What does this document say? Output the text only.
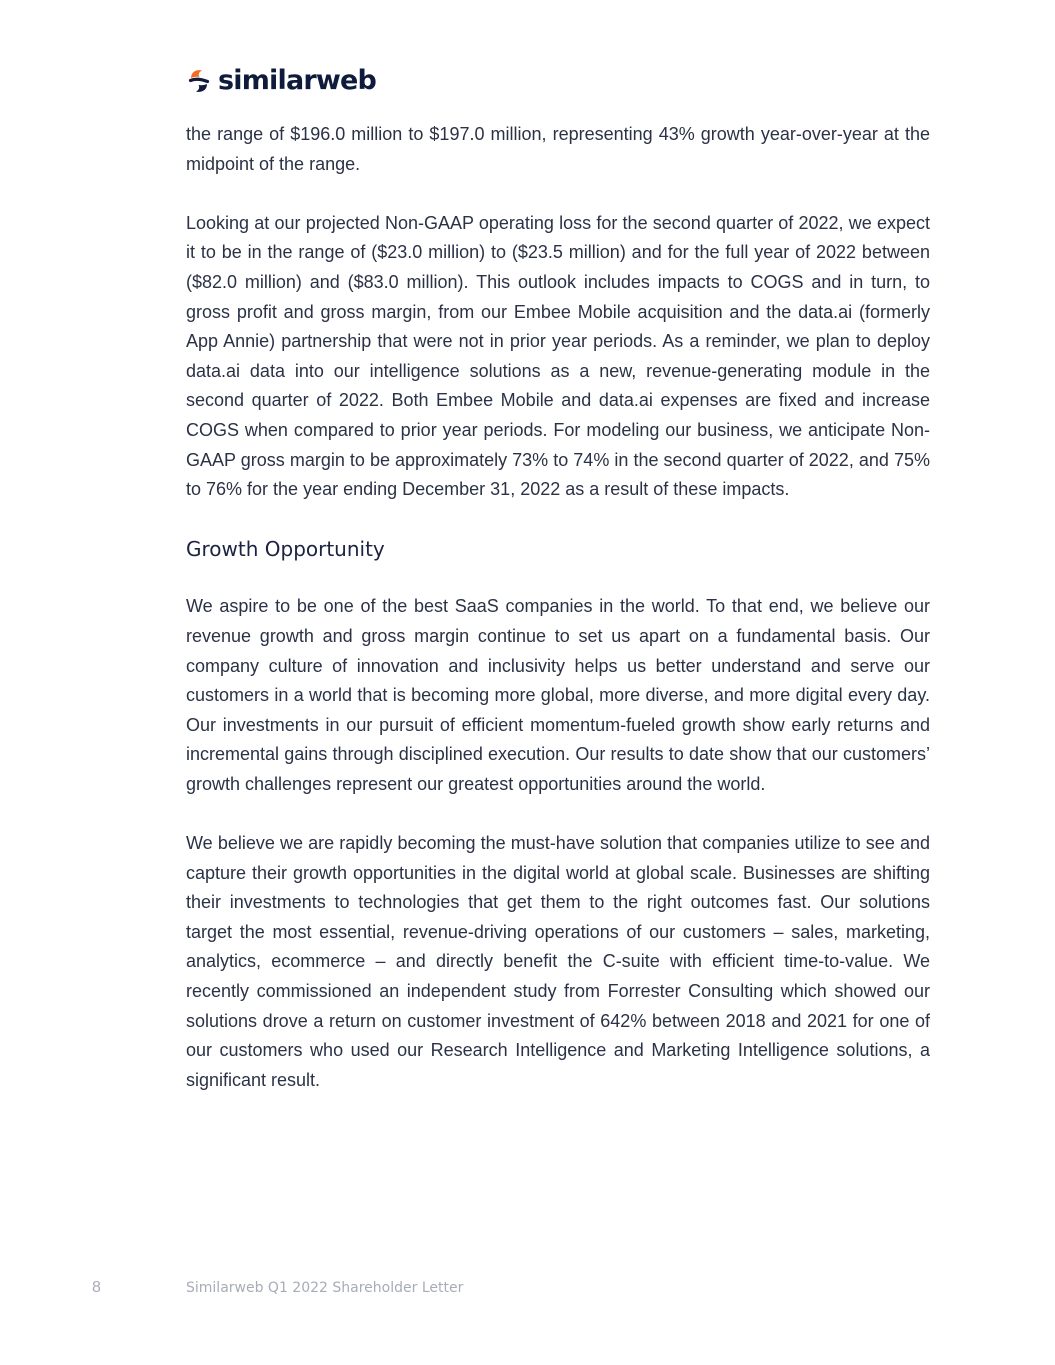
similarweb

the range of $196.0 million to $197.0 million, representing 43% growth year-over-year at the midpoint of the range.

Looking at our projected Non-GAAP operating loss for the second quarter of 2022, we expect it to be in the range of ($23.0 million) to ($23.5 million) and for the full year of 2022 between ($82.0 million) and ($83.0 million). This outlook includes impacts to COGS and in turn, to gross profit and gross margin, from our Embee Mobile acquisition and the data.ai (formerly App Annie) partnership that were not in prior year periods. As a reminder, we plan to deploy data.ai data into our intelligence solutions as a new, revenue-generating module in the second quarter of 2022. Both Embee Mobile and data.ai expenses are fixed and increase COGS when compared to prior year periods. For modeling our business, we anticipate Non-GAAP gross margin to be approximately 73% to 74% in the second quarter of 2022, and 75% to 76% for the year ending December 31, 2022 as a result of these impacts.

Growth Opportunity

We aspire to be one of the best SaaS companies in the world. To that end, we believe our revenue growth and gross margin continue to set us apart on a fundamental basis. Our company culture of innovation and inclusivity helps us better understand and serve our customers in a world that is becoming more global, more diverse, and more digital every day. Our investments in our pursuit of efficient momentum-fueled growth show early returns and incremental gains through disciplined execution. Our results to date show that our customers’ growth challenges represent our greatest opportunities around the world.

We believe we are rapidly becoming the must-have solution that companies utilize to see and capture their growth opportunities in the digital world at global scale. Businesses are shifting their investments to technologies that get them to the right outcomes fast. Our solutions target the most essential, revenue-driving operations of our customers – sales, marketing, analytics, ecommerce – and directly benefit the C-suite with efficient time-to-value. We recently commissioned an independent study from Forrester Consulting which showed our solutions drove a return on customer investment of 642% between 2018 and 2021 for one of our customers who used our Research Intelligence and Marketing Intelligence solutions, a significant result.

8	Similarweb Q1 2022 Shareholder Letter
